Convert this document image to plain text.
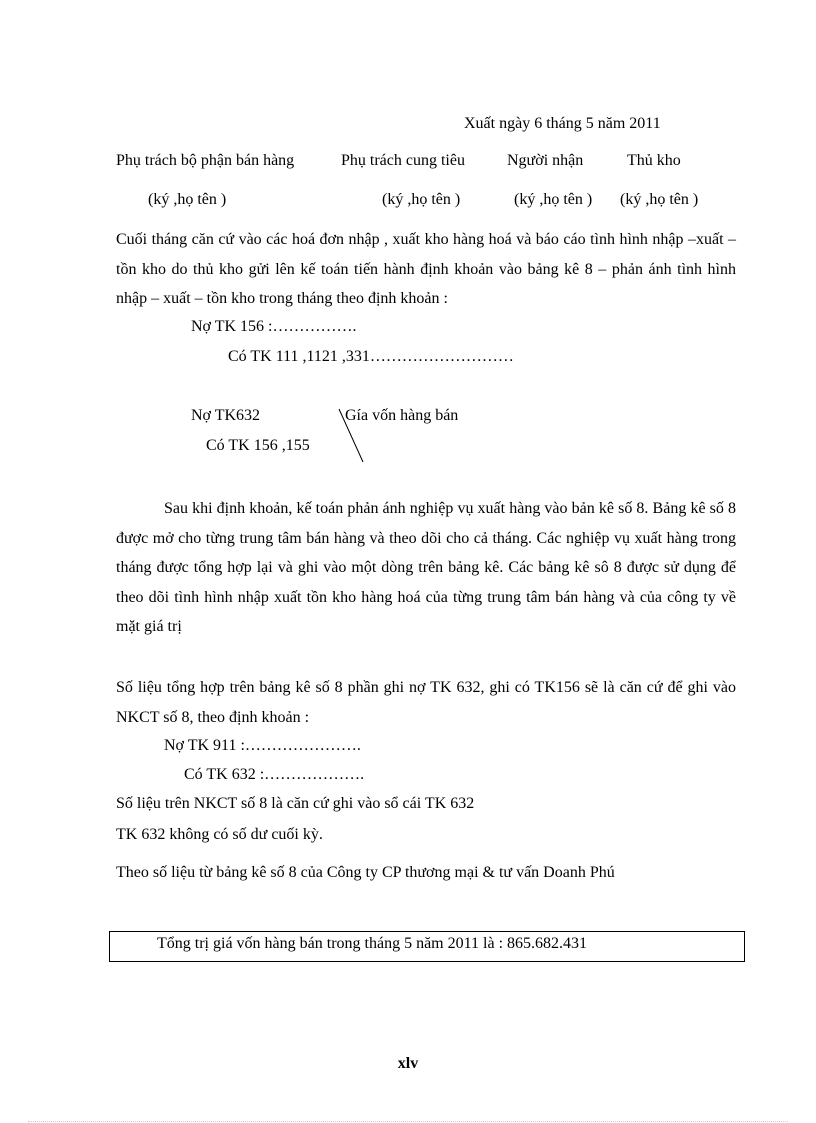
Xuất ngày 6 tháng 5 năm 2011
Phụ trách bộ phận bán hàng	Phụ trách cung tiêu	Người nhận	Thủ kho
(ký ,họ tên )	(ký ,họ tên )	(ký ,họ tên ) (ký ,họ tên )
Cuối tháng căn cứ vào các hoá đơn nhập , xuất kho hàng hoá và báo cáo tình hình nhập –xuất – tồn kho do thủ kho gửi lên kế toán tiến hành định khoản vào bảng kê 8 – phản ánh tình hình nhập – xuất – tồn kho trong tháng theo định khoản :
Nợ TK 156 :…………….
Có TK 111 ,1121 ,331………………………
Nợ TK632
Có TK 156 ,155
Gía vốn hàng bán
Sau khi định khoản, kế toán phản ánh nghiệp vụ xuất hàng vào bản kê số 8. Bảng kê số 8 được mở cho từng trung tâm bán hàng và theo dõi cho cả tháng. Các nghiệp vụ xuất hàng trong tháng được tổng hợp lại và ghi vào một dòng trên bảng kê. Các bảng kê sô 8 được sử dụng để theo dõi tình hình nhập xuất tồn kho hàng hoá của từng trung tâm bán hàng và của công ty về mặt giá trị
Số liệu tổng hợp trên bảng kê số 8 phần ghi nợ TK 632, ghi có TK156 sẽ là căn cứ để ghi vào NKCT số 8, theo định khoản :
Nợ TK 911 :………………….
Có TK 632 :……………….
Số liệu trên NKCT số 8 là căn cứ ghi vào sổ cái TK 632
TK 632 không có số dư cuối kỳ.
Theo số liệu từ bảng kê số 8 của Công ty CP thương mại & tư vấn Doanh Phú
Tổng trị giá vốn hàng bán trong tháng 5 năm 2011 là : 865.682.431
xlv
